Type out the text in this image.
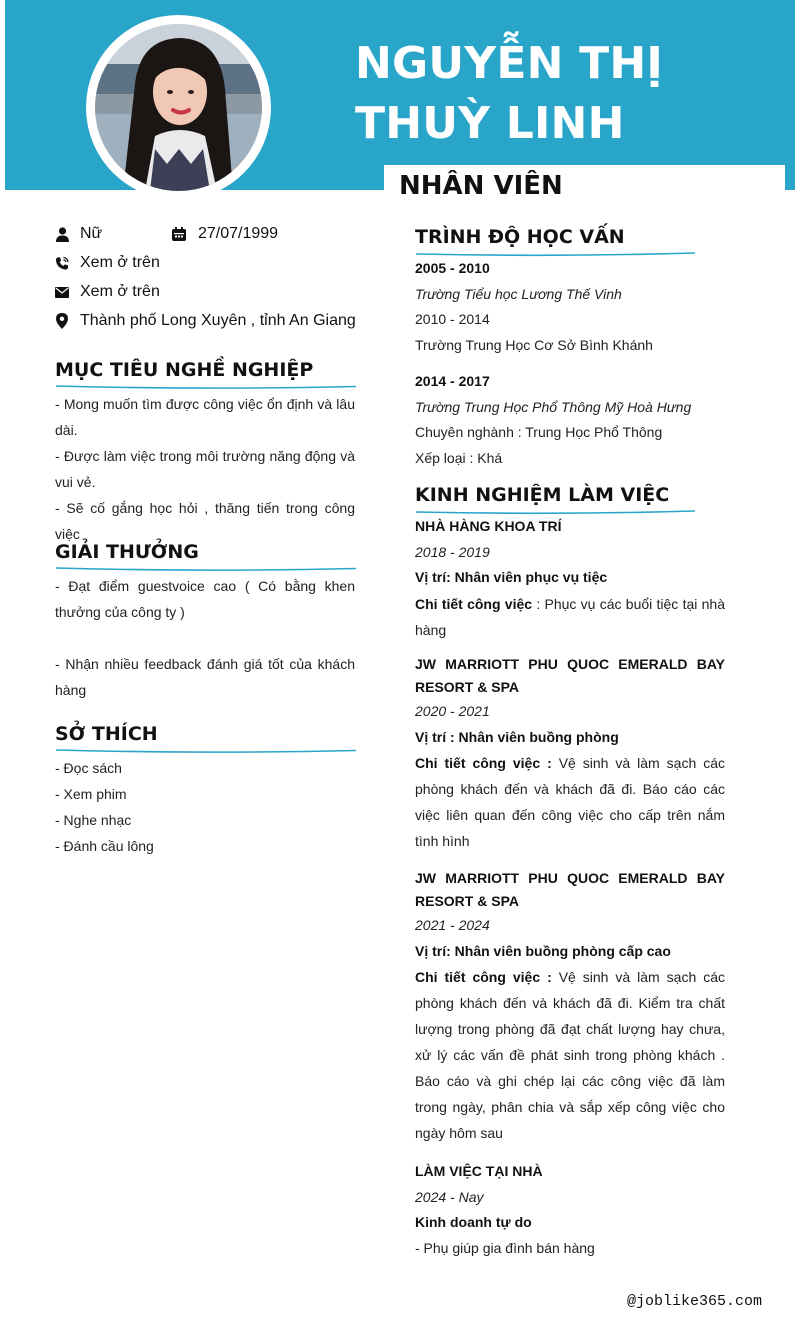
NGUYỄN THỊ THUỲ LINH
NHÂN VIÊN
Nữ	27/07/1999
Xem ở trên
Xem ở trên
Thành phố Long Xuyên , tỉnh An Giang
MỤC TIÊU NGHỀ NGHIỆP
- Mong muốn tìm được công việc ổn định và lâu dài.
- Được làm việc trong môi trường năng động và vui vẻ.
- Sẽ cố gắng học hỏi , thăng tiến trong công việc
GIẢI THƯỞNG
- Đạt điểm guestvoice cao ( Có bằng khen thưởng của công ty )
- Nhận nhiều feedback đánh giá tốt của khách hàng
SỞ THÍCH
- Đọc sách
- Xem phim
- Nghe nhạc
- Đánh cầu lông
TRÌNH ĐỘ HỌC VẤN
2005 - 2010
Trường Tiểu học Lương Thế Vinh
2010 - 2014
Trường Trung Học Cơ Sở Bình Khánh
2014 - 2017
Trường Trung Học Phổ Thông Mỹ Hoà Hưng
Chuyên nghành : Trung Học Phổ Thông
Xếp loại : Khá
KINH NGHIỆM LÀM VIỆC
NHÀ HÀNG KHOA TRÍ
2018 - 2019
Vị trí: Nhân viên phục vụ tiệc
Chi tiết công việc : Phục vụ các buổi tiệc tại nhà hàng
JW MARRIOTT PHU QUOC EMERALD BAY
RESORT & SPA
2020 - 2021
Vị trí : Nhân viên buồng phòng
Chi tiết công việc : Vệ sinh và làm sạch các phòng khách đến và khách đã đi. Báo cáo các việc liên quan đến công việc cho cấp trên nắm tình hình
JW MARRIOTT PHU QUOC EMERALD BAY
RESORT & SPA
2021 - 2024
Vị trí: Nhân viên buồng phòng cấp cao
Chi tiết công việc : Vệ sinh và làm sạch các phòng khách đến và khách đã đi. Kiểm tra chất lượng trong phòng đã đạt chất lượng hay chưa, xử lý các vấn đề phát sinh trong phòng khách . Báo cáo và ghi chép lại các công việc đã làm trong ngày, phân chia và sắp xếp công việc cho ngày hôm sau
LÀM VIỆC TẠI NHÀ
2024 - Nay
Kinh doanh tự do
- Phụ giúp gia đình bán hàng
@joblike365.com
